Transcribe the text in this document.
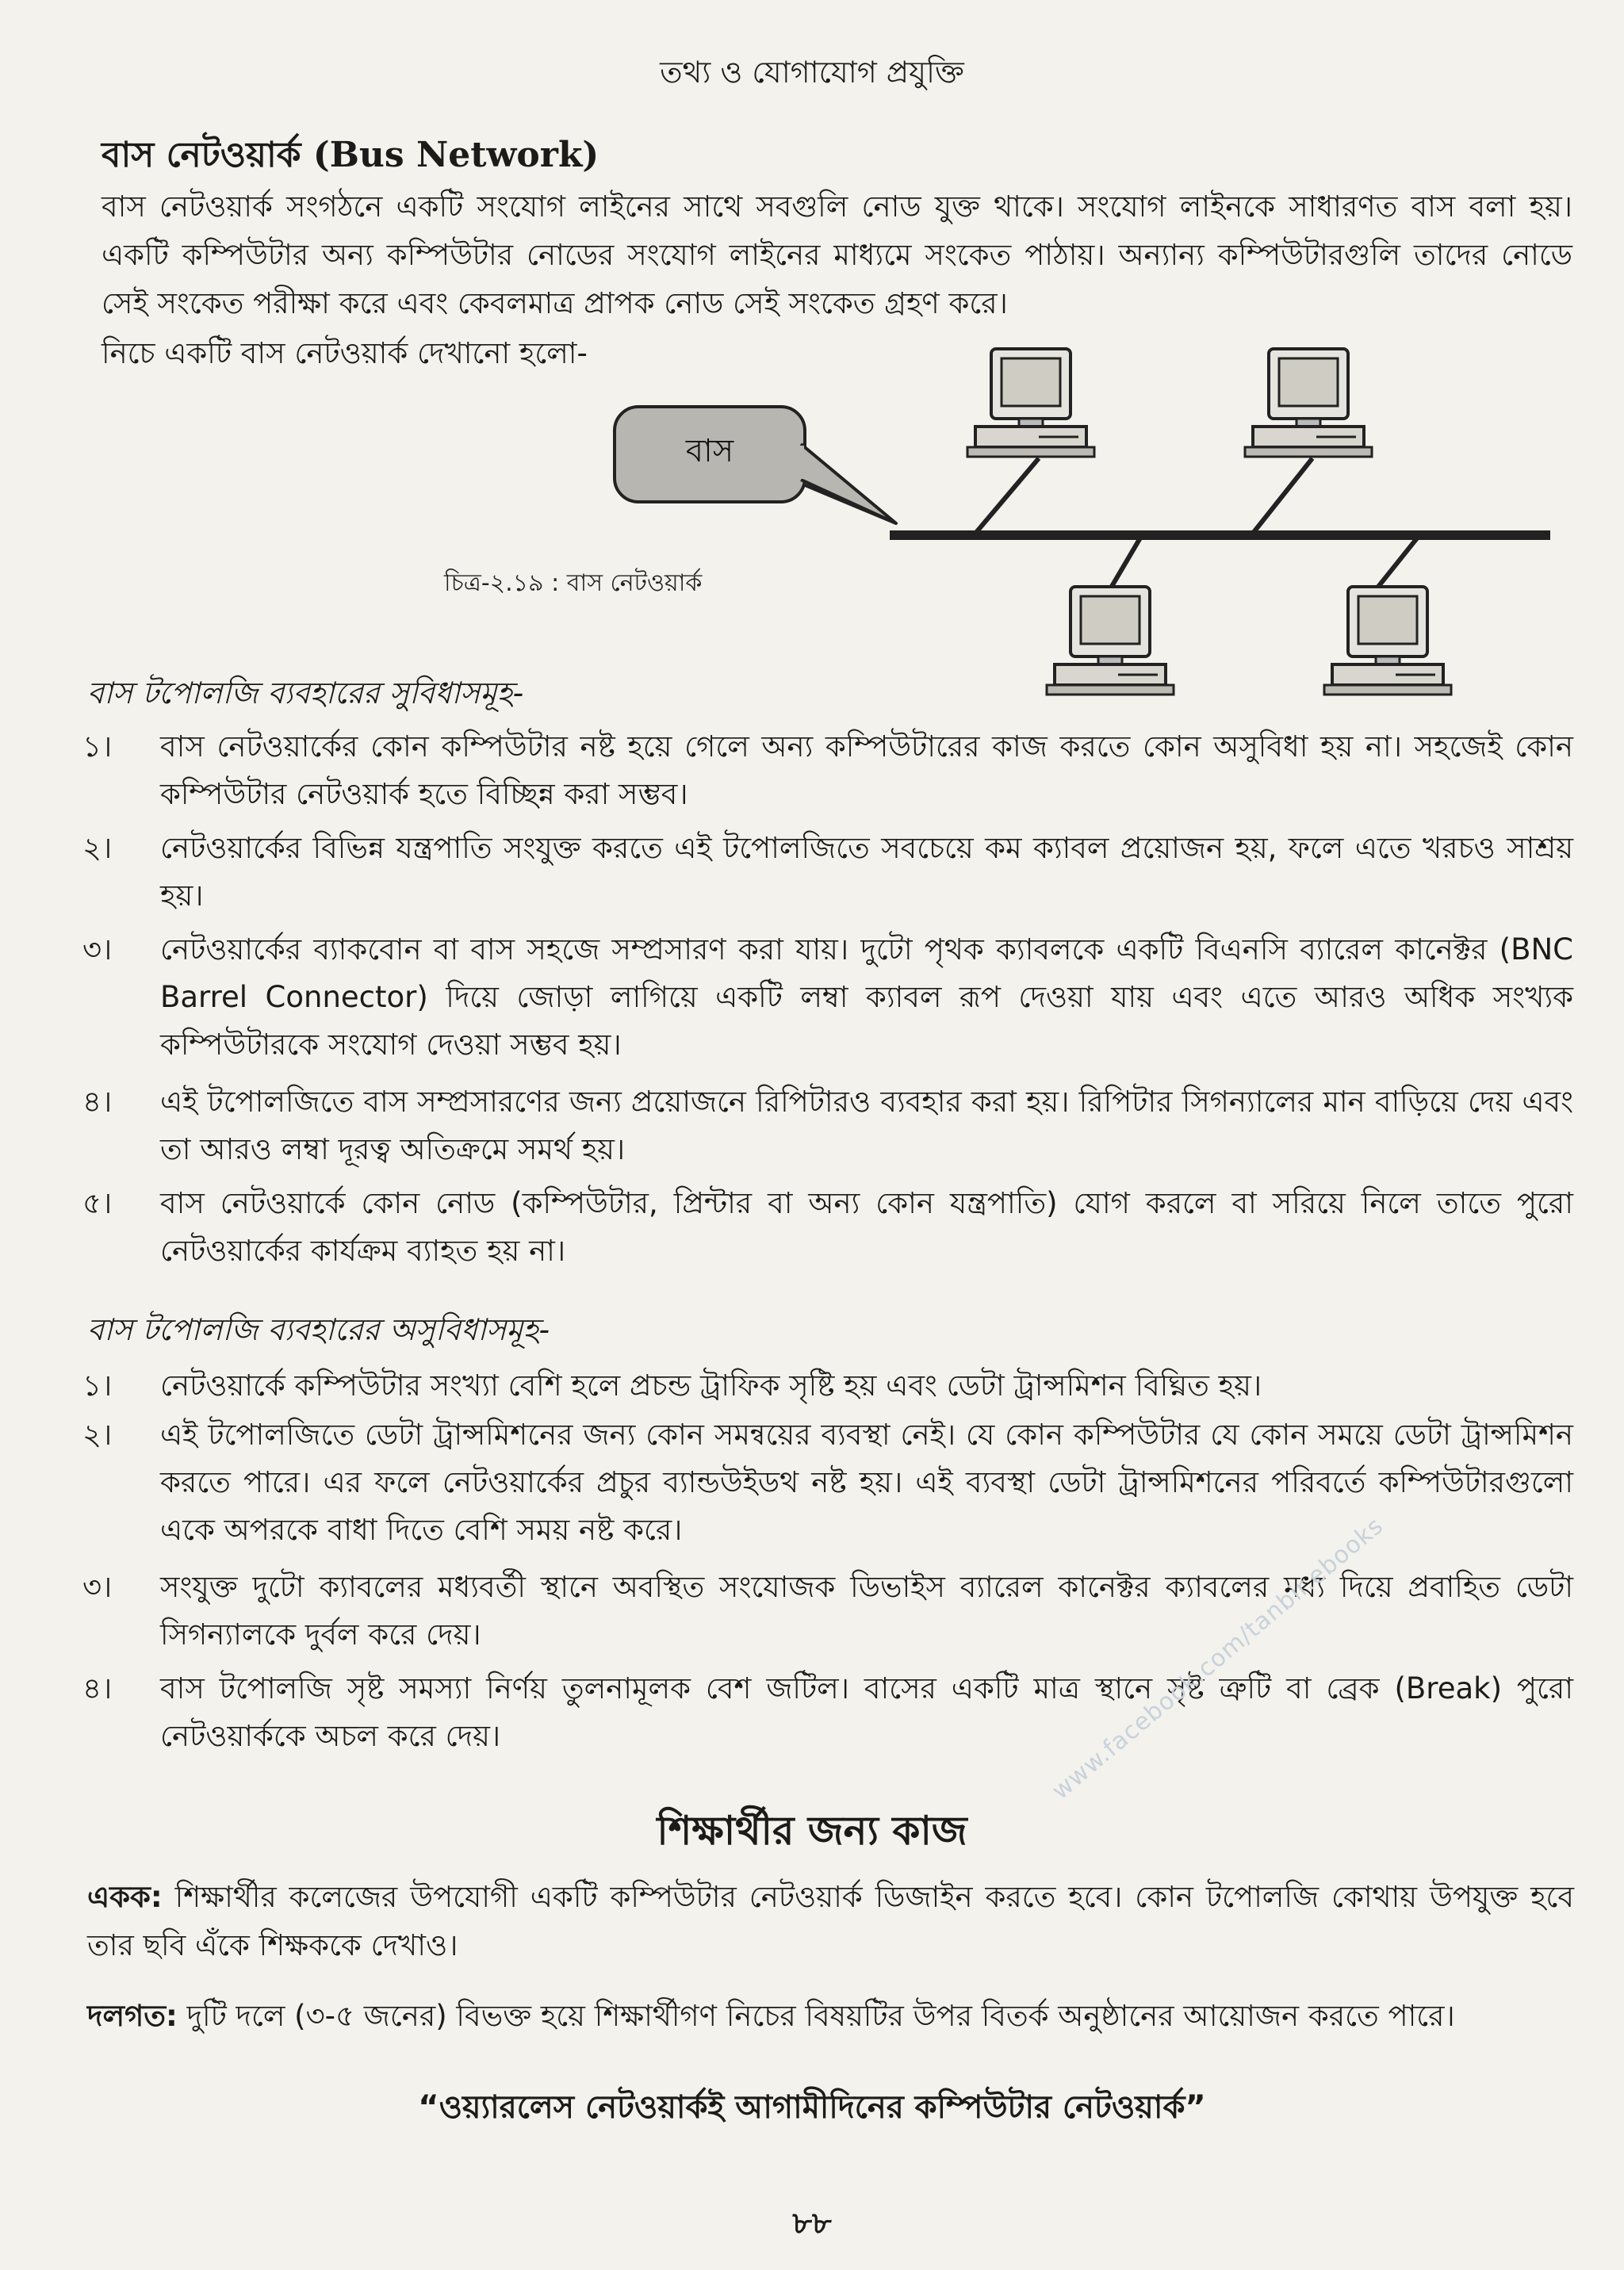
তথ্য ও যোগাযোগ প্রযুক্তি
বাস নেটওয়ার্ক (Bus Network)
বাস নেটওয়ার্ক সংগঠনে একটি সংযোগ লাইনের সাথে সবগুলি নোড যুক্ত থাকে। সংযোগ লাইনকে সাধারণত বাস বলা হয়। একটি কম্পিউটার অন্য কম্পিউটার নোডের সংযোগ লাইনের মাধ্যমে সংকেত পাঠায়। অন্যান্য কম্পিউটারগুলি তাদের নোডে সেই সংকেত পরীক্ষা করে এবং কেবলমাত্র প্রাপক নোড সেই সংকেত গ্রহণ করে।
নিচে একটি বাস নেটওয়ার্ক দেখানো হলো-
বাস
চিত্র-২.১৯ : বাস নেটওয়ার্ক
বাস টপোলজি ব্যবহারের সুবিধাসমূহ-
১।	বাস নেটওয়ার্কের কোন কম্পিউটার নষ্ট হয়ে গেলে অন্য কম্পিউটারের কাজ করতে কোন অসুবিধা হয় না। সহজেই কোন কম্পিউটার নেটওয়ার্ক হতে বিচ্ছিন্ন করা সম্ভব।
২।	নেটওয়ার্কের বিভিন্ন যন্ত্রপাতি সংযুক্ত করতে এই টপোলজিতে সবচেয়ে কম ক্যাবল প্রয়োজন হয়, ফলে এতে খরচও সাশ্রয় হয়।
৩।	নেটওয়ার্কের ব্যাকবোন বা বাস সহজে সম্প্রসারণ করা যায়। দুটো পৃথক ক্যাবলকে একটি বিএনসি ব্যারেল কানেক্টর (BNC Barrel Connector) দিয়ে জোড়া লাগিয়ে একটি লম্বা ক্যাবল রূপ দেওয়া যায় এবং এতে আরও অধিক সংখ্যক কম্পিউটারকে সংযোগ দেওয়া সম্ভব হয়।
৪।	এই টপোলজিতে বাস সম্প্রসারণের জন্য প্রয়োজনে রিপিটারও ব্যবহার করা হয়। রিপিটার সিগন্যালের মান বাড়িয়ে দেয় এবং তা আরও লম্বা দূরত্ব অতিক্রমে সমর্থ হয়।
৫।	বাস নেটওয়ার্কে কোন নোড (কম্পিউটার, প্রিন্টার বা অন্য কোন যন্ত্রপাতি) যোগ করলে বা সরিয়ে নিলে তাতে পুরো নেটওয়ার্কের কার্যক্রম ব্যাহত হয় না।
বাস টপোলজি ব্যবহারের অসুবিধাসমূহ-
১।	নেটওয়ার্কে কম্পিউটার সংখ্যা বেশি হলে প্রচন্ড ট্রাফিক সৃষ্টি হয় এবং ডেটা ট্রান্সমিশন বিঘ্নিত হয়।
২।	এই টপোলজিতে ডেটা ট্রান্সমিশনের জন্য কোন সমন্বয়ের ব্যবস্থা নেই। যে কোন কম্পিউটার যে কোন সময়ে ডেটা ট্রান্সমিশন করতে পারে। এর ফলে নেটওয়ার্কের প্রচুর ব্যান্ডউইডথ নষ্ট হয়। এই ব্যবস্থা ডেটা ট্রান্সমিশনের পরিবর্তে কম্পিউটারগুলো একে অপরকে বাধা দিতে বেশি সময় নষ্ট করে।
৩।	সংযুক্ত দুটো ক্যাবলের মধ্যবর্তী স্থানে অবস্থিত সংযোজক ডিভাইস ব্যারেল কানেক্টর ক্যাবলের মধ্য দিয়ে প্রবাহিত ডেটা সিগন্যালকে দুর্বল করে দেয়।
৪।	বাস টপোলজি সৃষ্ট সমস্যা নির্ণয় তুলনামূলক বেশ জটিল। বাসের একটি মাত্র স্থানে সৃষ্ট ত্রুটি বা ব্রেক (Break) পুরো নেটওয়ার্ককে অচল করে দেয়।
শিক্ষার্থীর জন্য কাজ
একক: শিক্ষার্থীর কলেজের উপযোগী একটি কম্পিউটার নেটওয়ার্ক ডিজাইন করতে হবে। কোন টপোলজি কোথায় উপযুক্ত হবে তার ছবি এঁকে শিক্ষককে দেখাও।
দলগত: দুটি দলে (৩-৫ জনের) বিভক্ত হয়ে শিক্ষার্থীগণ নিচের বিষয়টির উপর বিতর্ক অনুষ্ঠানের আয়োজন করতে পারে।
“ওয়্যারলেস নেটওয়ার্কই আগামীদিনের কম্পিউটার নেটওয়ার্ক”
৮৮
www.facebook.com/tanbir.ebooks
